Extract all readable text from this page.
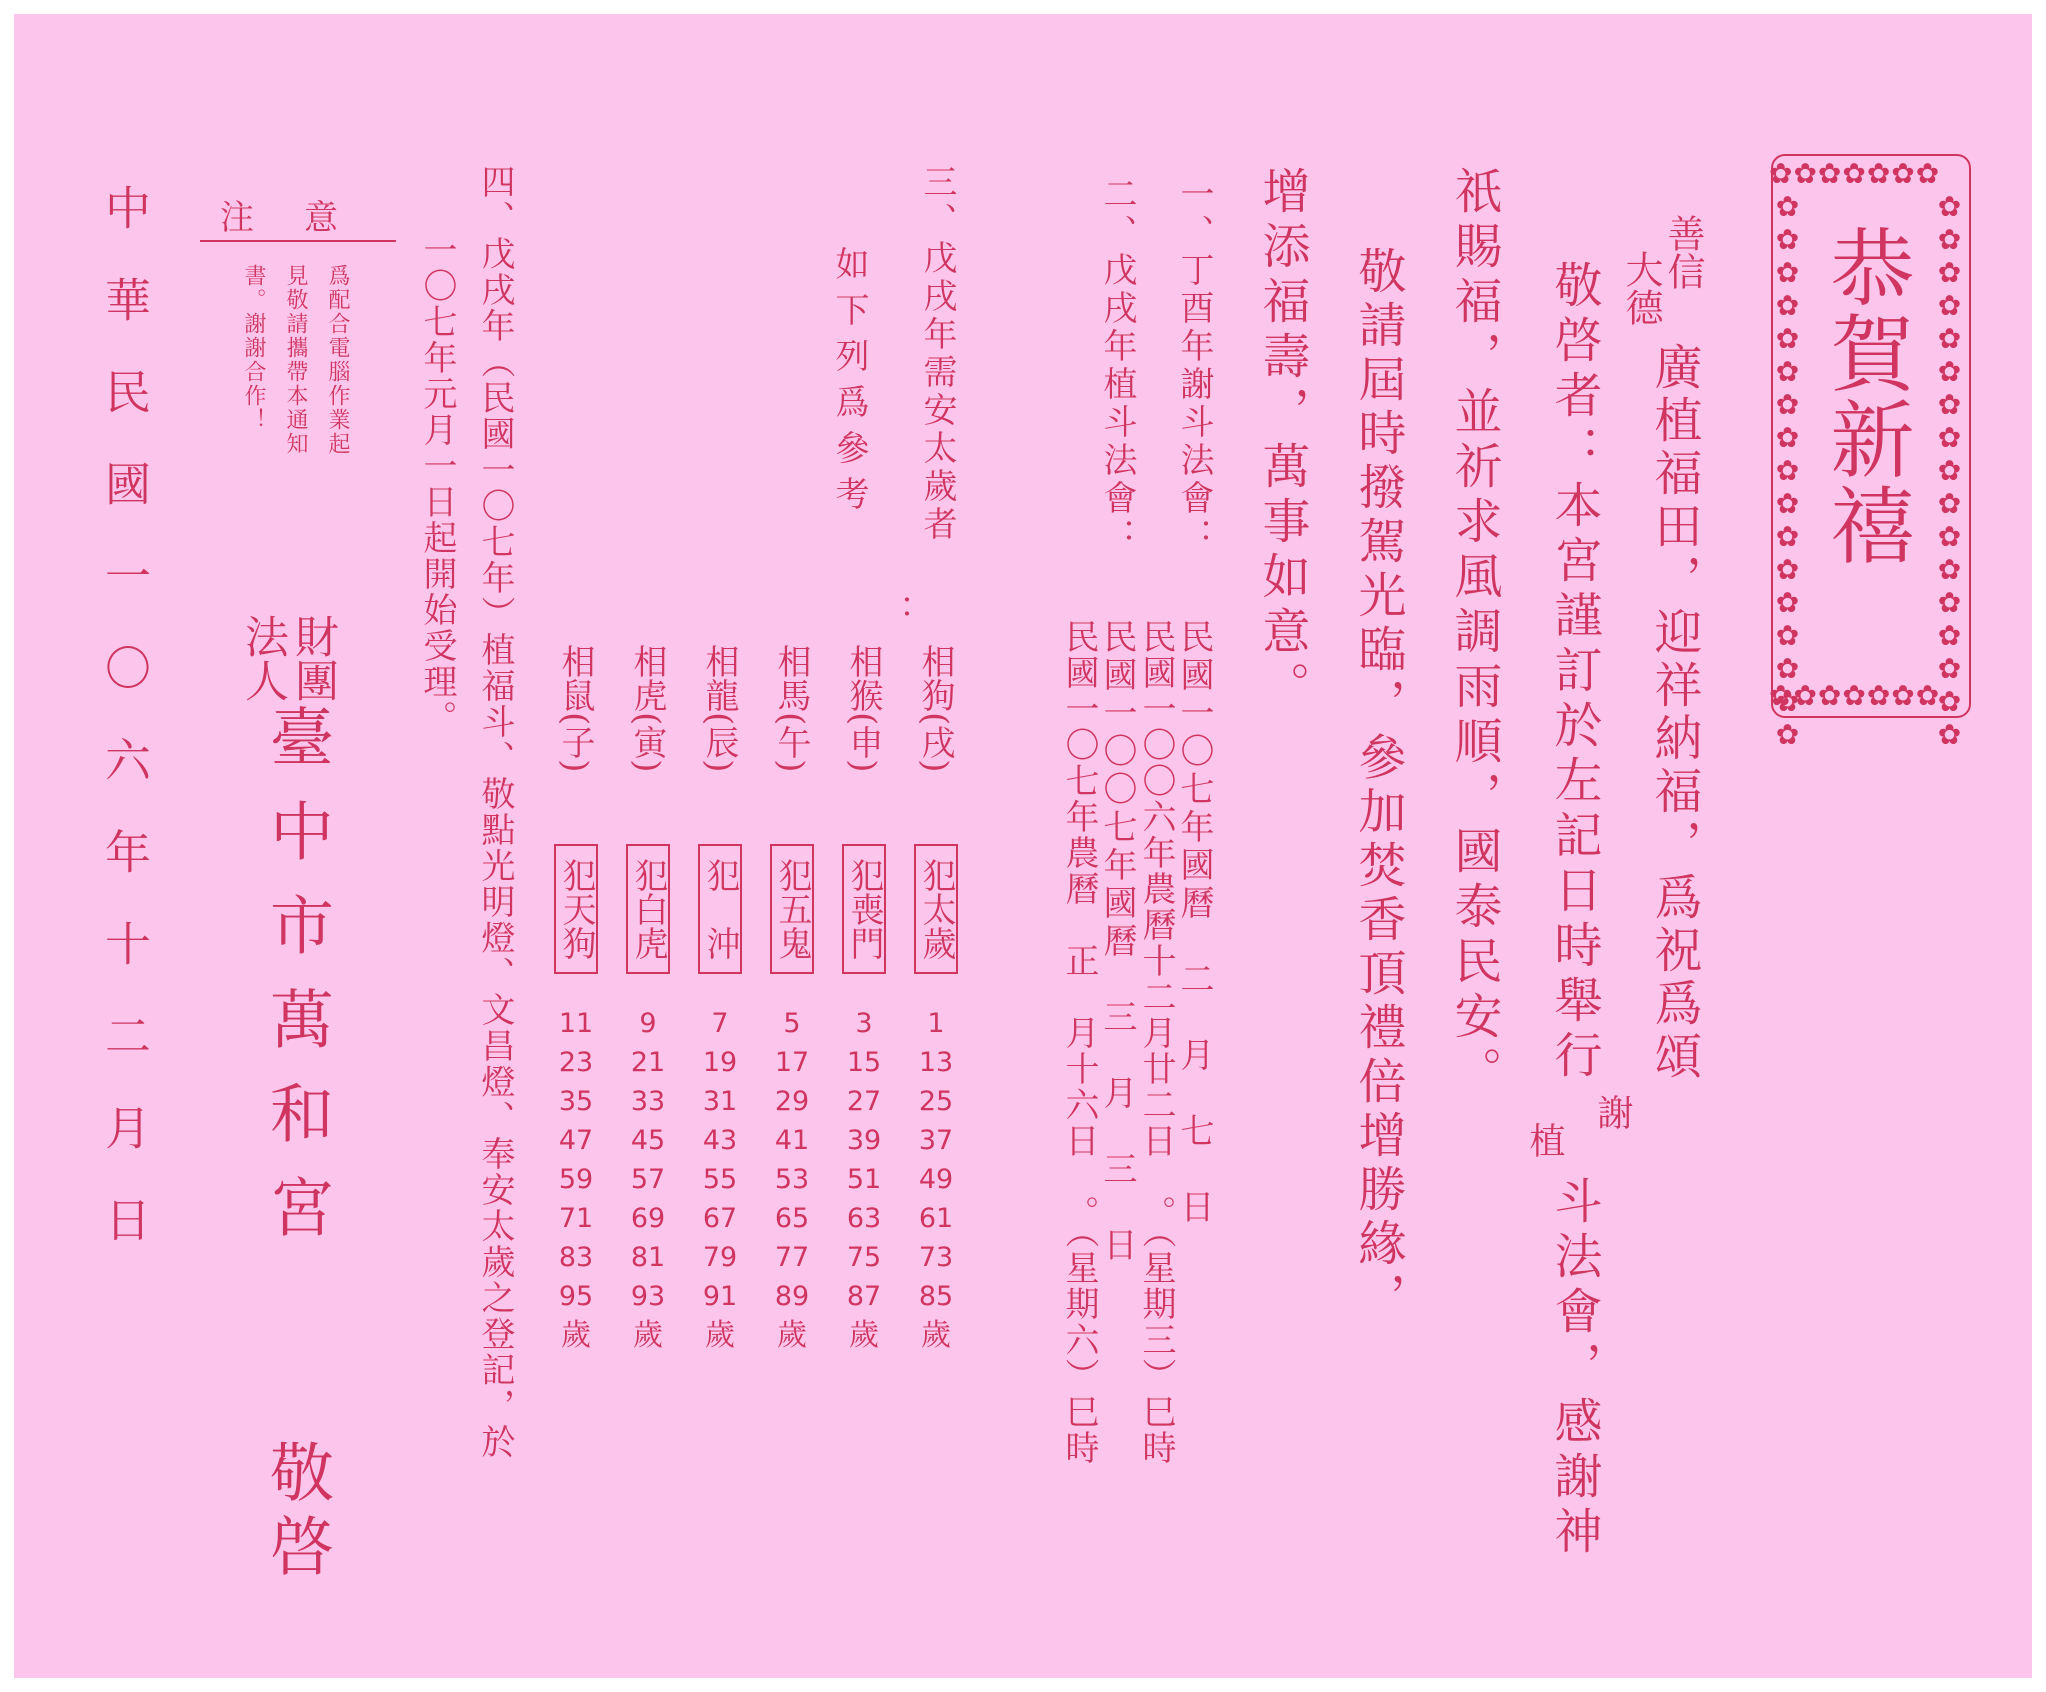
✿✿✿✿✿✿✿
✿✿✿✿✿✿✿
✿✿✿✿✿✿✿✿✿✿✿✿✿✿✿✿✿	✿✿✿✿✿✿✿✿✿✿✿✿✿✿✿✿✿
恭賀新禧
善信
大德
廣植福田，迎祥納福，爲祝爲頌
敬啓者：本宮謹訂於左記日時舉行
謝
植
斗法會，感謝神
祇賜福，並祈求風調雨順，國泰民安。
敬請屆時撥駕光臨，參加焚香頂禮倍增勝緣，
增添福壽，萬事如意。
一、丁酉年謝斗法會：
民國一〇七年國曆　二　月　七　日
二、戊戌年植斗法會：
民國一〇〇六年農曆十二月廿二日　。（星期三）巳時
民國一〇〇七年國曆　三　月　三　日
民國一〇七年農曆　正　月十六日　。（星期六）巳時
三、戊戌年需安太歲者
如下列爲參考
：
相狗(戌)
相猴(申)
相馬(午)
相龍(辰)
相虎(寅)
相鼠(子)
犯太歲
犯喪門
犯五鬼
犯　沖
犯白虎
犯天狗
1
13
25
37
49
61
73
85
歲
3
15
27
39
51
63
75
87
歲
5
17
29
41
53
65
77
89
歲
7
19
31
43
55
67
79
91
歲
9
21
33
45
57
69
81
93
歲
11
23
35
47
59
71
83
95
歲
四、戊戌年（民國一〇七年）植福斗、敬點光明燈、文昌燈、奉安太歲之登記，於
一〇七年元月一日起開始受理。
注　意
爲配合電腦作業起
見敬請攜帶本通知
書。謝謝合作！
財團
法人
臺中市萬和宮
敬啓
中華民國一〇六年十二月日
